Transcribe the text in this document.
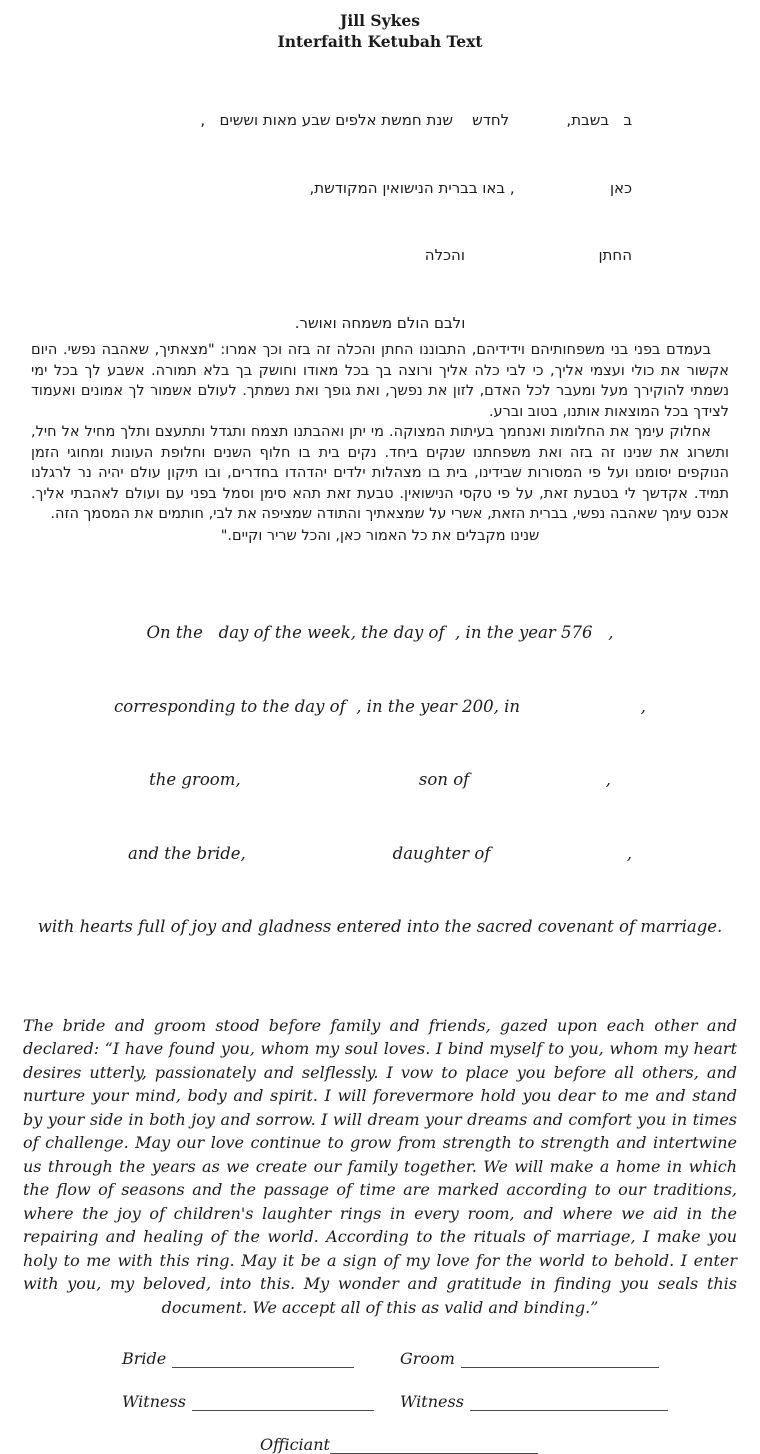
Jill Sykes
Interfaith Ketubah Text

ב   בשבת,            לחדש    שנת חמשת אלפים שבע מאות וששים   ,

כאן                    , באו בברית הנישואין המקודשת,

החתן                            והכלה

ולבם הולם משמחה ואושר.

בעמדם בפני בני משפחותיהם וידידיהם, התבוננו החתן והכלה זה בזה וכך אמרו: "מצאתיך, שאהבה נפשי. היום אקשור את כולי ועצמי אליך, כי לבי כלה אליך ורוצה בך בכל מאודו וחושק בך בלא תמורה. אשבע לך בכל ימי נשמתי להוקירך מעל ומעבר לכל האדם, לזון את נפשך, ואת גופך ואת נשמתך. לעולם אשמור לך אמונים ואעמוד לצידך בכל המוצאות אותנו, בטוב וברע.

אחלוק עימך את החלומות ואנחמך בעיתות המצוקה. מי יתן ואהבתנו תצמח ותגדל ותתעצם ותלך מחיל אל חיל, ותשרוג את שנינו זה בזה ואת משפחתנו שנקים ביחד. נקים בית בו חלוף השנים וחלופת העונות ומחוגי הזמן הנוקפים יסומנו ועל פי המסורות שבידינו, בית בו מצהלות ילדים יהדהדו בחדרים, ובו תיקון עולם יהיה נר לרגלנו תמיד. אקדשך לי בטבעת זאת, על פי טקסי הנישואין. טבעת זאת תהא סימן וסמל בפני עם ועולם לאהבתי אליך. אכנס עימך שאהבה נפשי, בברית הזאת, אשרי על שמצאתיך והתודה שמציפה את לבי, חותמים את המסמך הזה.

שנינו מקבלים את כל האמור כאן, והכל שריר וקיים."

On the   day of the week, the day of  , in the year 576   ,

corresponding to the day of  , in the year 200, in                       ,

the groom,                                  son of                          ,

and the bride,                            daughter of                          ,

with hearts full of joy and gladness entered into the sacred covenant of marriage.

The bride and groom stood before family and friends, gazed upon each other and declared: “I have found you, whom my soul loves. I bind myself to you, whom my heart desires utterly, passionately and selflessly. I vow to place you before all others, and nurture your mind, body and spirit. I will forevermore hold you dear to me and stand by your side in both joy and sorrow. I will dream your dreams and comfort you in times of challenge. May our love continue to grow from strength to strength and intertwine us through the years as we create our family together. We will make a home in which the flow of seasons and the passage of time are marked according to our traditions, where the joy of children's laughter rings in every room, and where we aid in the repairing and healing of the world. According to the rituals of marriage, I make you holy to me with this ring. May it be a sign of my love for the world to behold. I enter with you, my beloved, into this. My wonder and gratitude in finding you seals this document. We accept all of this as valid and binding.”
Bride	Groom
Witness	Witness
Officiant
